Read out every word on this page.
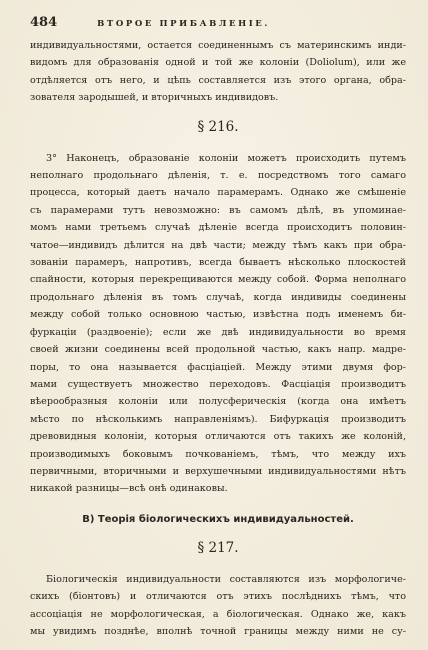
484	ВТОРОЕ ПРИБАВЛЕНІЕ.
индивидуальностями, остается соединеннымъ съ материнскимъ инди-
видомъ для образованія одной и той же колоніи (Doliolum), или же
отдѣляется отъ него, и цѣпь составляется изъ этого органа, обра-
зователя зародышей, и вторичныхъ индивидовъ.
§ 216.
3° Наконецъ, образованіе колоніи можетъ происходить путемъ
неполнаго продольнаго дѣленія, т. е. посредствомъ того самаго
процесса, который даетъ начало парамерамъ. Однако же смѣшеніе
съ парамерами тутъ невозможно: въ самомъ дѣлѣ, въ упоминае-
момъ нами третьемъ случаѣ дѣленіе всегда происходитъ половин-
чатое—индивидъ дѣлится на двѣ части; между тѣмъ какъ при обра-
зованіи парамеръ, напротивъ, всегда бываетъ нѣсколько плоскостей
спайности, которыя перекрещиваются между собой. Форма неполнаго
продольнаго дѣленія въ томъ случаѣ, когда индивиды соединены
между собой только основною частью, извѣстна подъ именемъ би-
фуркаціи (раздвоеніе); если же двѣ индивидуальности во время
своей жизни соединены всей продольной частью, какъ напр. мадре-
поры, то она называется фасціаціей. Между этими двумя фор-
мами существуетъ множество переходовъ. Фасціація производитъ
вѣерообразныя колоніи или полусферическія (когда она имѣетъ
мѣсто по нѣсколькимъ направленіямъ). Бифуркація производитъ
древовидныя колоніи, которыя отличаются отъ такихъ же колоній,
производимыхъ боковымъ почкованіемъ, тѣмъ, что между ихъ
первичными, вторичными и верхушечными индивидуальностями нѣтъ
никакой разницы—всѣ онѣ одинаковы.
B) Теорія біологическихъ индивидуальностей.
§ 217.
Біологическія индивидуальности составляются изъ морфологиче-
скихъ (біонтовъ) и отличаются отъ этихъ послѣднихъ тѣмъ, что
ассоціація не морфологическая, а біологическая. Однако же, какъ
мы увидимъ позднѣе, вполнѣ точной границы между ними не су-
